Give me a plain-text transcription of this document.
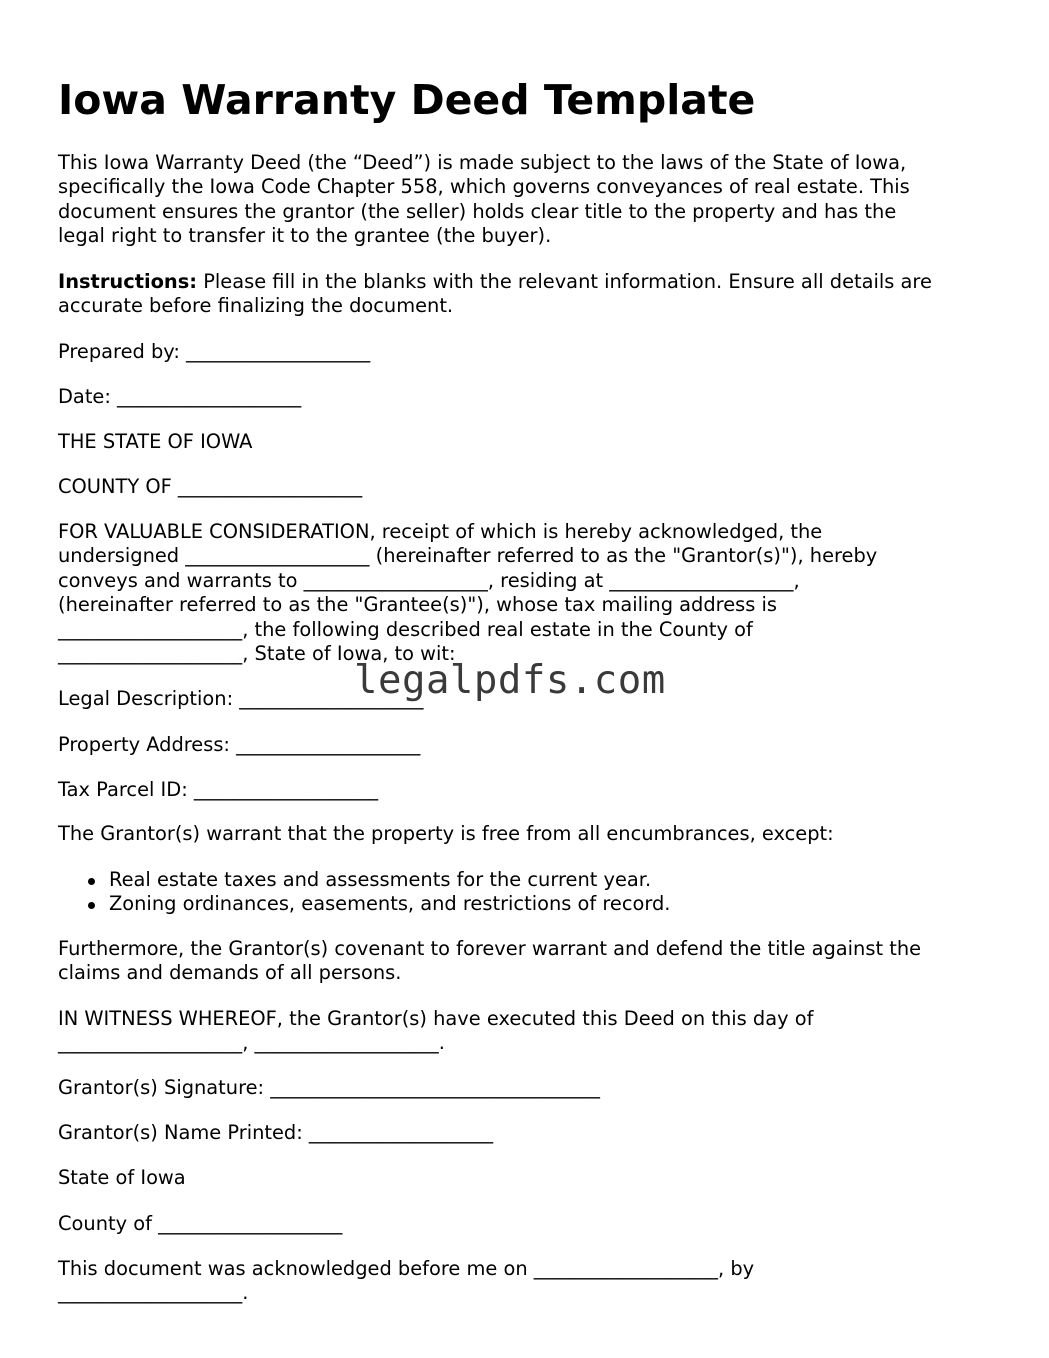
Iowa Warranty Deed Template
This Iowa Warranty Deed (the “Deed”) is made subject to the laws of the State of Iowa,
specifically the Iowa Code Chapter 558, which governs conveyances of real estate. This
document ensures the grantor (the seller) holds clear title to the property and has the
legal right to transfer it to the grantee (the buyer).
Instructions: Please fill in the blanks with the relevant information. Ensure all details are
accurate before finalizing the document.
Prepared by: ___________________
Date: ___________________
THE STATE OF IOWA
COUNTY OF ___________________
FOR VALUABLE CONSIDERATION, receipt of which is hereby acknowledged, the
undersigned ___________________ (hereinafter referred to as the "Grantor(s)"), hereby
conveys and warrants to ___________________, residing at ___________________,
(hereinafter referred to as the "Grantee(s)"), whose tax mailing address is
___________________, the following described real estate in the County of
___________________, State of Iowa, to wit:
Legal Description: ___________________
Property Address: ___________________
Tax Parcel ID: ___________________
The Grantor(s) warrant that the property is free from all encumbrances, except:
Real estate taxes and assessments for the current year.
Zoning ordinances, easements, and restrictions of record.
Furthermore, the Grantor(s) covenant to forever warrant and defend the title against the
claims and demands of all persons.
IN WITNESS WHEREOF, the Grantor(s) have executed this Deed on this day of
___________________, ___________________.
Grantor(s) Signature: __________________________________
Grantor(s) Name Printed: ___________________
State of Iowa
County of ___________________
This document was acknowledged before me on ___________________, by
___________________.
legalpdfs.com
